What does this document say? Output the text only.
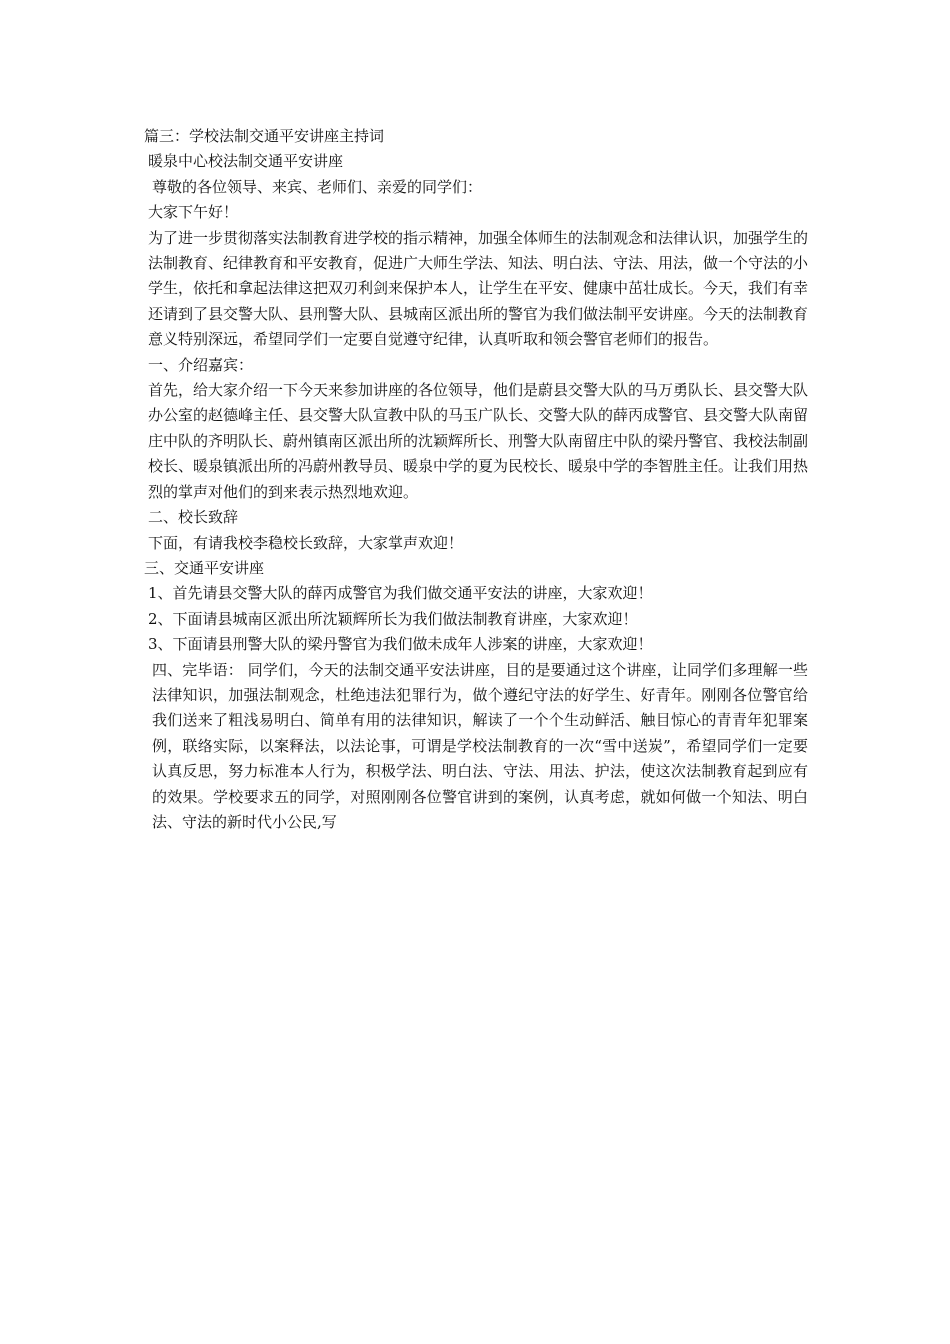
篇三：学校法制交通平安讲座主持词

暖泉中心校法制交通平安讲座

尊敬的各位领导、来宾、老师们、亲爱的同学们：

大家下午好！

为了进一步贯彻落实法制教育进学校的指示精神，加强全体师生的法制观念和法律认识，加强学生的法制教育、纪律教育和平安教育，促进广大师生学法、知法、明白法、守法、用法，做一个守法的小学生，依托和拿起法律这把双刃利剑来保护本人，让学生在平安、健康中茁壮成长。今天，我们有幸还请到了县交警大队、县刑警大队、县城南区派出所的警官为我们做法制平安讲座。今天的法制教育意义特别深远，希望同学们一定要自觉遵守纪律，认真听取和领会警官老师们的报告。

一、介绍嘉宾：

首先，给大家介绍一下今天来参加讲座的各位领导，他们是蔚县交警大队的马万勇队长、县交警大队办公室的赵德峰主任、县交警大队宣教中队的马玉广队长、交警大队的薛丙成警官、县交警大队南留庄中队的齐明队长、蔚州镇南区派出所的沈颖辉所长、刑警大队南留庄中队的梁丹警官、我校法制副校长、暖泉镇派出所的冯蔚州教导员、暖泉中学的夏为民校长、暖泉中学的李智胜主任。让我们用热烈的掌声对他们的到来表示热烈地欢迎。

二、校长致辞

下面，有请我校李稳校长致辞，大家掌声欢迎！

三、交通平安讲座

1、首先请县交警大队的薛丙成警官为我们做交通平安法的讲座，大家欢迎！

2、下面请县城南区派出所沈颖辉所长为我们做法制教育讲座，大家欢迎！

3、下面请县刑警大队的梁丹警官为我们做未成年人涉案的讲座，大家欢迎！

四、完毕语： 同学们，今天的法制交通平安法讲座，目的是要通过这个讲座，让同学们多理解一些法律知识，加强法制观念，杜绝违法犯罪行为，做个遵纪守法的好学生、好青年。刚刚各位警官给我们送来了粗浅易明白、简单有用的法律知识，解读了一个个生动鲜活、触目惊心的青青年犯罪案例，联络实际，以案释法，以法论事，可谓是学校法制教育的一次“雪中送炭”，希望同学们一定要认真反思，努力标准本人行为，积极学法、明白法、守法、用法、护法，使这次法制教育起到应有的效果。学校要求五的同学，对照刚刚各位警官讲到的案例，认真考虑，就如何做一个知法、明白法、守法的新时代小公民,写
